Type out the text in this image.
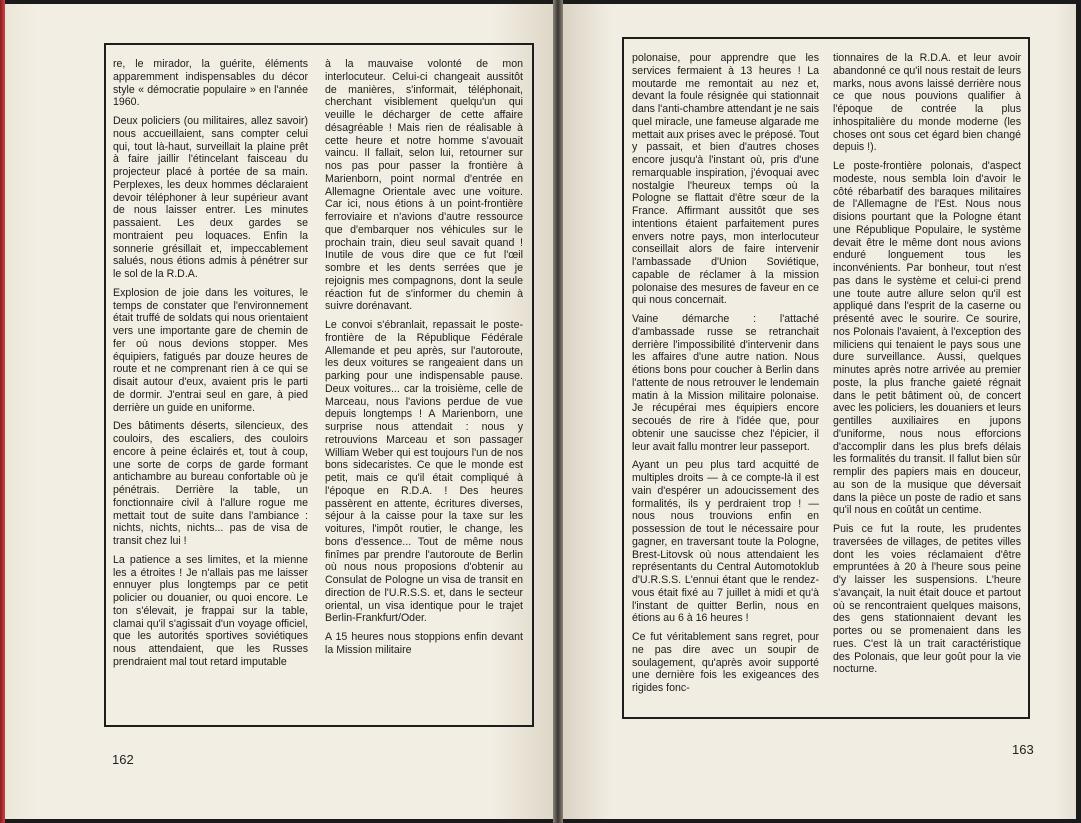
re, le mirador, la guérite, éléments apparemment indispensables du décor style « démocratie populaire » en l'année 1960.

Deux policiers (ou militaires, allez savoir) nous accueillaient, sans compter celui qui, tout là-haut, surveillait la plaine prêt à faire jaillir l'étincelant faisceau du projecteur placé à portée de sa main. Perplexes, les deux hommes déclaraient devoir téléphoner à leur supérieur avant de nous laisser entrer. Les minutes passaient. Les deux gardes se montraient peu loquaces. Enfin la sonnerie grésillait et, impeccablement salués, nous étions admis à pénétrer sur le sol de la R.D.A.

Explosion de joie dans les voitures, le temps de constater que l'environnement était truffé de soldats qui nous orientaient vers une importante gare de chemin de fer où nous devions stopper. Mes équipiers, fatigués par douze heures de route et ne comprenant rien à ce qui se disait autour d'eux, avaient pris le parti de dormir. J'entrai seul en gare, à pied derrière un guide en uniforme.

Des bâtiments déserts, silencieux, des couloirs, des escaliers, des couloirs encore à peine éclairés et, tout à coup, une sorte de corps de garde formant antichambre au bureau confortable où je pénétrais. Derrière la table, un fonctionnaire civil à l'allure rogue me mettait tout de suite dans l'ambiance : nichts, nichts, nichts... pas de visa de transit chez lui !

La patience a ses limites, et la mienne les a étroites ! Je n'allais pas me laisser ennuyer plus longtemps par ce petit policier ou douanier, ou quoi encore. Le ton s'élevait, je frappai sur la table, clamai qu'il s'agissait d'un voyage officiel, que les autorités sportives soviétiques nous attendaient, que les Russes prendraient mal tout retard imputable

à la mauvaise volonté de mon interlocuteur. Celui-ci changeait aussitôt de manières, s'informait, téléphonait, cherchant visiblement quelqu'un qui veuille le décharger de cette affaire désagréable ! Mais rien de réalisable à cette heure et notre homme s'avouait vaincu. Il fallait, selon lui, retourner sur nos pas pour passer la frontière à Marienborn, point normal d'entrée en Allemagne Orientale avec une voiture. Car ici, nous étions à un point-frontière ferroviaire et n'avions d'autre ressource que d'embarquer nos véhicules sur le prochain train, dieu seul savait quand ! Inutile de vous dire que ce fut l'œil sombre et les dents serrées que je rejoignis mes compagnons, dont la seule réaction fut de s'informer du chemin à suivre dorénavant.

Le convoi s'ébranlait, repassait le poste-frontière de la République Fédérale Allemande et peu après, sur l'autoroute, les deux voitures se rangeaient dans un parking pour une indispensable pause. Deux voitures... car la troisième, celle de Marceau, nous l'avions perdue de vue depuis longtemps ! A Marienborn, une surprise nous attendait : nous y retrouvions Marceau et son passager William Weber qui est toujours l'un de nos bons sidecaristes. Ce que le monde est petit, mais ce qu'il était compliqué à l'époque en R.D.A. ! Des heures passèrent en attente, écritures diverses, séjour à la caisse pour la taxe sur les voitures, l'impôt routier, le change, les bons d'essence... Tout de même nous finîmes par prendre l'autoroute de Berlin où nous nous proposions d'obtenir au Consulat de Pologne un visa de transit en direction de l'U.R.S.S. et, dans le secteur oriental, un visa identique pour le trajet Berlin-Frankfurt/Oder.

A 15 heures nous stoppions enfin devant la Mission militaire

162

polonaise, pour apprendre que les services fermaient à 13 heures ! La moutarde me remontait au nez et, devant la foule résignée qui stationnait dans l'anti-chambre attendant je ne sais quel miracle, une fameuse algarade me mettait aux prises avec le préposé. Tout y passait, et bien d'autres choses encore jusqu'à l'instant où, pris d'une remarquable inspiration, j'évoquai avec nostalgie l'heureux temps où la Pologne se flattait d'être sœur de la France. Affirmant aussitôt que ses intentions étaient parfaitement pures envers notre pays, mon interlocuteur conseillait alors de faire intervenir l'ambassade d'Union Soviétique, capable de réclamer à la mission polonaise des mesures de faveur en ce qui nous concernait.

Vaine démarche : l'attaché d'ambassade russe se retranchait derrière l'impossibilité d'intervenir dans les affaires d'une autre nation. Nous étions bons pour coucher à Berlin dans l'attente de nous retrouver le lendemain matin à la Mission militaire polonaise. Je récupérai mes équipiers encore secoués de rire à l'idée que, pour obtenir une saucisse chez l'épicier, il leur avait fallu montrer leur passeport.

Ayant un peu plus tard acquitté de multiples droits — à ce compte-là il est vain d'espérer un adoucissement des formalités, ils y perdraient trop ! — nous nous trouvions enfin en possession de tout le nécessaire pour gagner, en traversant toute la Pologne, Brest-Litovsk où nous attendaient les représentants du Central Automotoklub d'U.R.S.S. L'ennui étant que le rendez-vous était fixé au 7 juillet à midi et qu'à l'instant de quitter Berlin, nous en étions au 6 à 16 heures !

Ce fut véritablement sans regret, pour ne pas dire avec un soupir de soulagement, qu'après avoir supporté une dernière fois les exigeances des rigides fonc-

tionnaires de la R.D.A. et leur avoir abandonné ce qu'il nous restait de leurs marks, nous avons laissé derrière nous ce que nous pouvions qualifier à l'époque de contrée la plus inhospitalière du monde moderne (les choses ont sous cet égard bien changé depuis !).

Le poste-frontière polonais, d'aspect modeste, nous sembla loin d'avoir le côté rébarbatif des baraques militaires de l'Allemagne de l'Est. Nous nous disions pourtant que la Pologne étant une République Populaire, le système devait être le même dont nous avions enduré longuement tous les inconvénients. Par bonheur, tout n'est pas dans le système et celui-ci prend une toute autre allure selon qu'il est appliqué dans l'esprit de la caserne ou présenté avec le sourire. Ce sourire, nos Polonais l'avaient, à l'exception des miliciens qui tenaient le pays sous une dure surveillance. Aussi, quelques minutes après notre arrivée au premier poste, la plus franche gaieté régnait dans le petit bâtiment où, de concert avec les policiers, les douaniers et leurs gentilles auxiliaires en jupons d'uniforme, nous nous efforcions d'accomplir dans les plus brefs délais les formalités du transit. Il fallut bien sûr remplir des papiers mais en douceur, au son de la musique que déversait dans la pièce un poste de radio et sans qu'il nous en coûtât un centime.

Puis ce fut la route, les prudentes traversées de villages, de petites villes dont les voies réclamaient d'être empruntées à 20 à l'heure sous peine d'y laisser les suspensions. L'heure s'avançait, la nuit était douce et partout où se rencontraient quelques maisons, des gens stationnaient devant les portes ou se promenaient dans les rues. C'est là un trait caractéristique des Polonais, que leur goût pour la vie nocturne.

163
